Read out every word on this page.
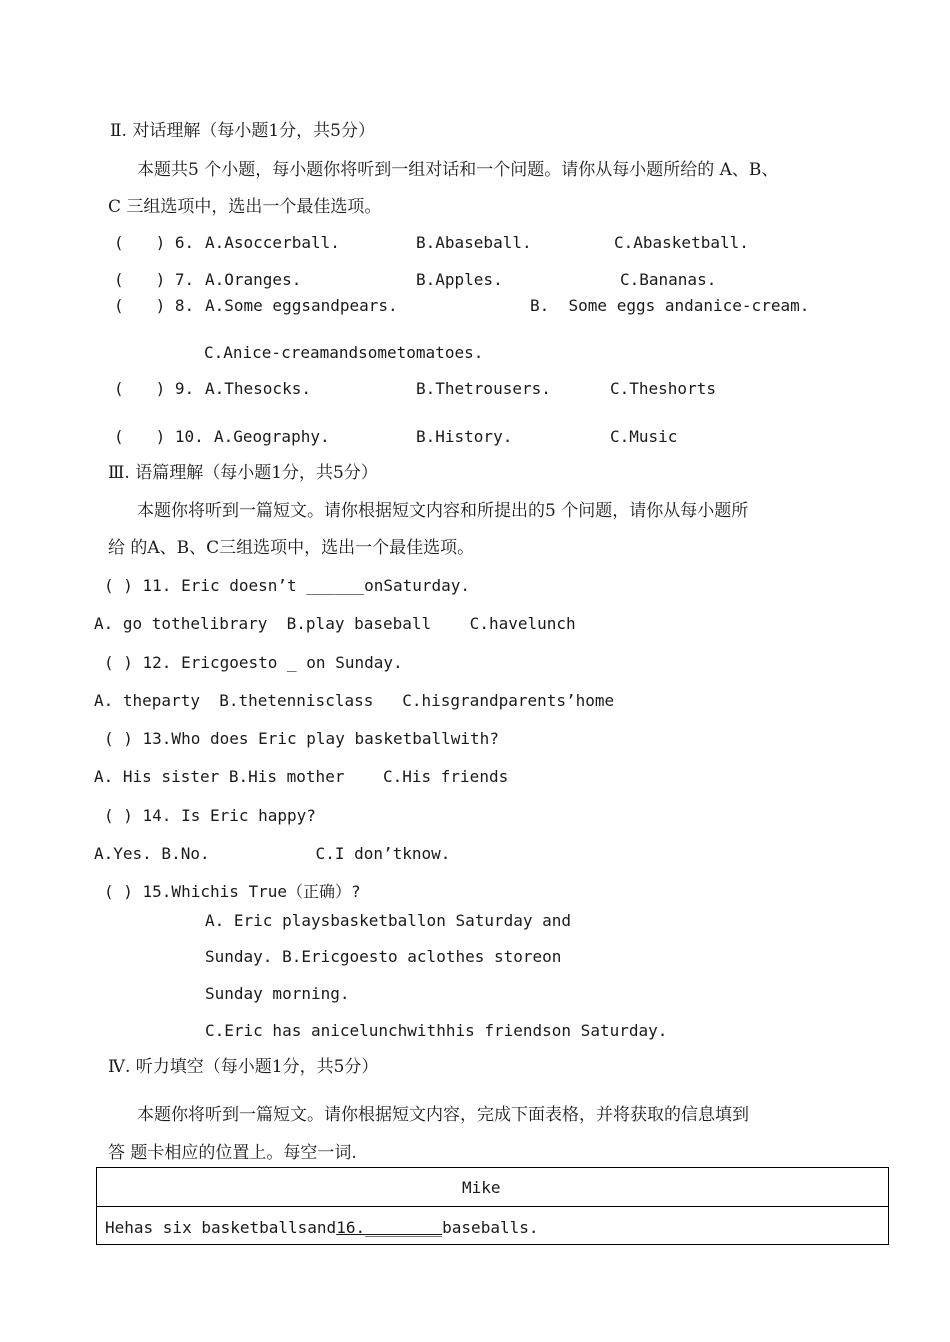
Ⅱ. 对话理解（每小题1分，共5分）
本题共5 个小题，每小题你将听到一组对话和一个问题。请你从每小题所给的 A、B、
C 三组选项中，选出一个最佳选项。
(　　) 6. A.Asoccerball.	B.Abaseball.	C.Abasketball.
(　　) 7. A.Oranges.	B.Apples.	C.Bananas.
(　　) 8. A.Some eggsandpears.	B.  Some eggs andanice-cream.
C.Anice-creamandsometomatoes.
(　　) 9. A.Thesocks.	B.Thetrousers.	C.Theshorts
(　　) 10. A.Geography.	B.History.	C.Music
Ⅲ. 语篇理解（每小题1分，共5分）
本题你将听到一篇短文。请你根据短文内容和所提出的5 个问题，请你从每小题所
给 的A、B、C三组选项中，选出一个最佳选项。
( ) 11. Eric doesn’t ______onSaturday.
A. go tothelibrary  B.play baseball    C.havelunch
( ) 12. Ericgoesto _ on Sunday.
A. theparty  B.thetennisclass   C.hisgrandparents’home
( ) 13.Who does Eric play basketballwith?
A. His sister B.His mother    C.His friends
( ) 14. Is Eric happy?
A.Yes. B.No.           C.I don’tknow.
( ) 15.Whichis True（正确）?
A. Eric playsbasketballon Saturday and
Sunday. B.Ericgoesto aclothes storeon
Sunday morning.
C.Eric has anicelunchwithhis friendson Saturday.
Ⅳ. 听力填空（每小题1分，共5分）
本题你将听到一篇短文。请你根据短文内容，完成下面表格，并将获取的信息填到
答 题卡相应的位置上。每空一词.
Mike
Hehas six basketballsand16.________baseballs.
